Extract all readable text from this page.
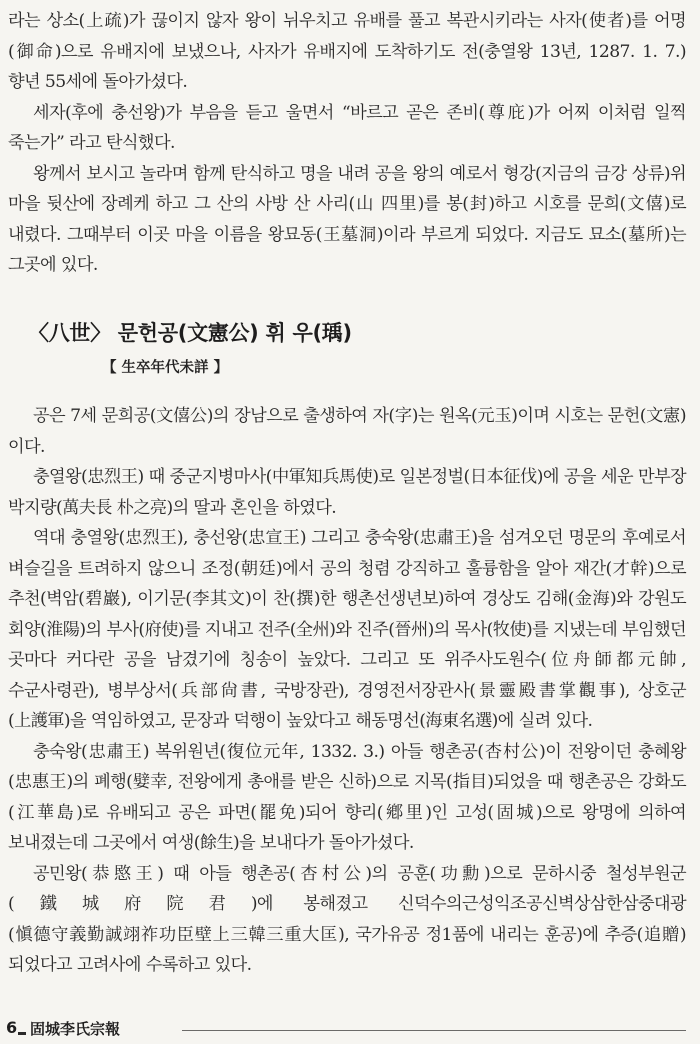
라는 상소(上疏)가 끊이지 않자 왕이 뉘우치고 유배를 풀고 복관시키라는 사자(使者)를 어명(御命)으로 유배지에 보냈으나, 사자가 유배지에 도착하기도 전(충열왕 13년, 1287. 1. 7.) 향년 55세에 돌아가셨다.

세자(후에 충선왕)가 부음을 듣고 울면서 “바르고 곧은 존비(尊庇)가 어찌 이처럼 일찍 죽는가” 라고 탄식했다.

왕께서 보시고 놀라며 함께 탄식하고 명을 내려 공을 왕의 예로서 형강(지금의 금강 상류)위 마을 뒷산에 장례케 하고 그 산의 사방 산 사리(山 四里)를 봉(封)하고 시호를 문희(文僖)로 내렸다. 그때부터 이곳 마을 이름을 왕묘동(王墓洞)이라 부르게 되었다. 지금도 묘소(墓所)는 그곳에 있다.

〈八世〉 문헌공(文憲公) 휘 우(瑀)
【 生卒年代未詳 】

공은 7세 문희공(文僖公)의 장남으로 출생하여 자(字)는 원옥(元玉)이며 시호는 문헌(文憲)이다.

충열왕(忠烈王) 때 중군지병마사(中軍知兵馬使)로 일본정벌(日本征伐)에 공을 세운 만부장 박지량(萬夫長 朴之亮)의 딸과 혼인을 하였다.

역대 충열왕(忠烈王), 충선왕(忠宣王) 그리고 충숙왕(忠肅王)을 섬겨오던 명문의 후예로서 벼슬길을 트려하지 않으니 조정(朝廷)에서 공의 청렴 강직하고 훌륭함을 알아 재간(才幹)으로 추천(벽암(碧巖), 이기문(李其文)이 찬(撰)한 행촌선생년보)하여 경상도 김해(金海)와 강원도 회양(淮陽)의 부사(府使)를 지내고 전주(全州)와 진주(晉州)의 목사(牧使)를 지냈는데 부임했던 곳마다 커다란 공을 남겼기에 칭송이 높았다. 그리고 또 위주사도원수(位舟師都元帥, 수군사령관), 병부상서(兵部尙書, 국방장관), 경영전서장관사(景靈殿書掌觀事), 상호군(上護軍)을 역임하였고, 문장과 덕행이 높았다고 해동명선(海東名選)에 실려 있다.

충숙왕(忠肅王) 복위원년(復位元年, 1332. 3.) 아들 행촌공(杏村公)이 전왕이던 충혜왕(忠惠王)의 폐행(嬖幸, 전왕에게 총애를 받은 신하)으로 지목(指目)되었을 때 행촌공은 강화도(江華島)로 유배되고 공은 파면(罷免)되어 향리(鄕里)인 고성(固城)으로 왕명에 의하여 보내졌는데 그곳에서 여생(餘生)을 보내다가 돌아가셨다.

공민왕(恭愍王) 때 아들 행촌공(杏村公)의 공훈(功勳)으로 문하시중 철성부원군(鐵城府院君)에 봉해졌고 신덕수의근성익조공신벽상삼한삼중대광(愼德守義勤誠翊祚功臣壁上三韓三重大匡), 국가유공 정1품에 내리는 훈공)에 추증(追贈) 되었다고 고려사에 수록하고 있다.

6 固城李氏宗報
